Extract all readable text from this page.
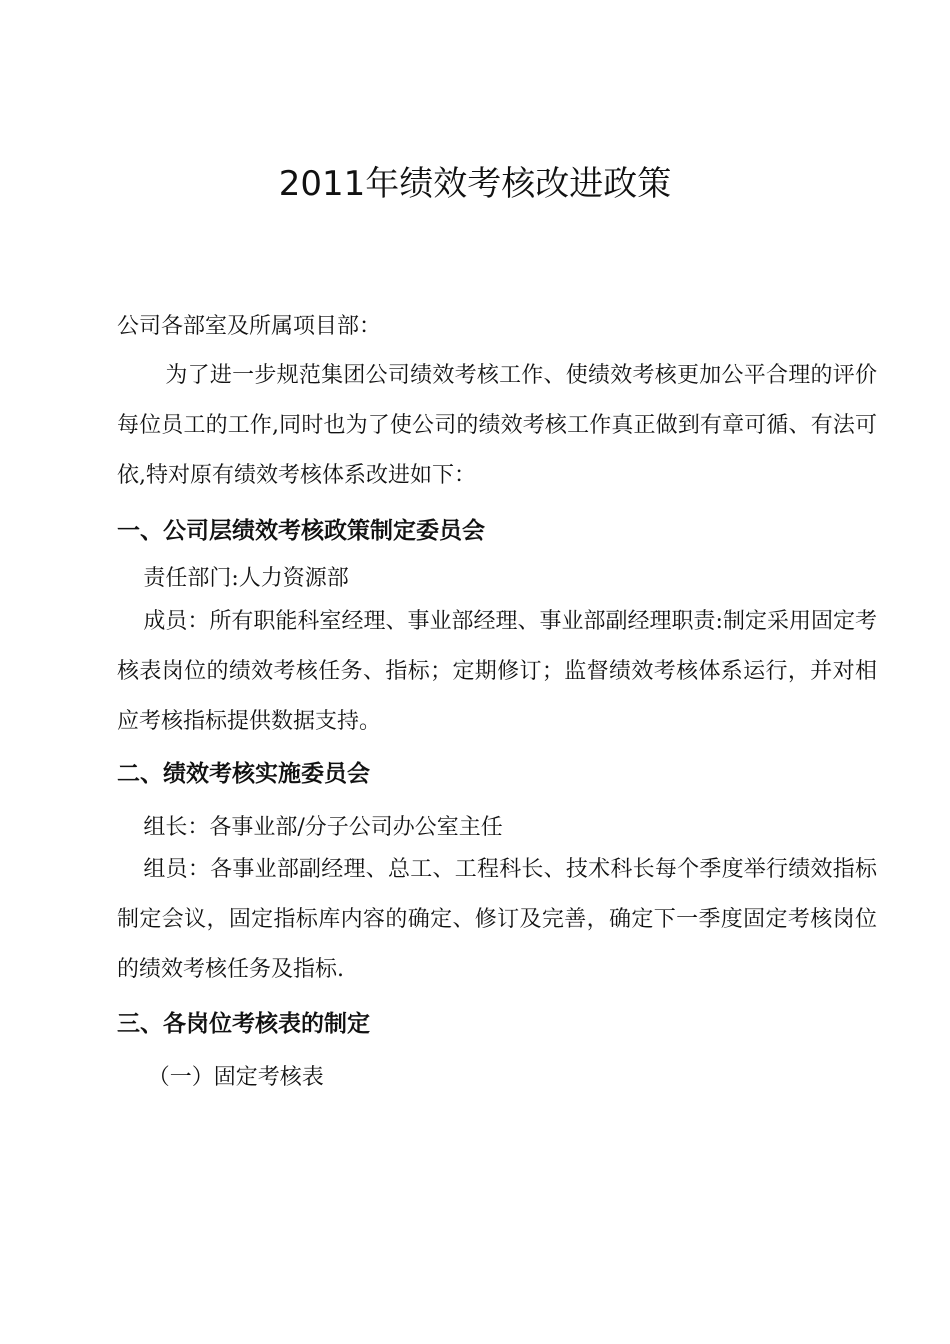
2011年绩效考核改进政策

公司各部室及所属项目部：

为了进一步规范集团公司绩效考核工作、使绩效考核更加公平合理的评价每位员工的工作,同时也为了使公司的绩效考核工作真正做到有章可循、有法可依,特对原有绩效考核体系改进如下：

一、公司层绩效考核政策制定委员会

责任部门:人力资源部

成员：所有职能科室经理、事业部经理、事业部副经理职责:制定采用固定考核表岗位的绩效考核任务、指标；定期修订；监督绩效考核体系运行，并对相应考核指标提供数据支持。

二、绩效考核实施委员会

组长：各事业部/分子公司办公室主任

组员：各事业部副经理、总工、工程科长、技术科长每个季度举行绩效指标制定会议，固定指标库内容的确定、修订及完善，确定下一季度固定考核岗位的绩效考核任务及指标.

三、各岗位考核表的制定

（一）固定考核表
